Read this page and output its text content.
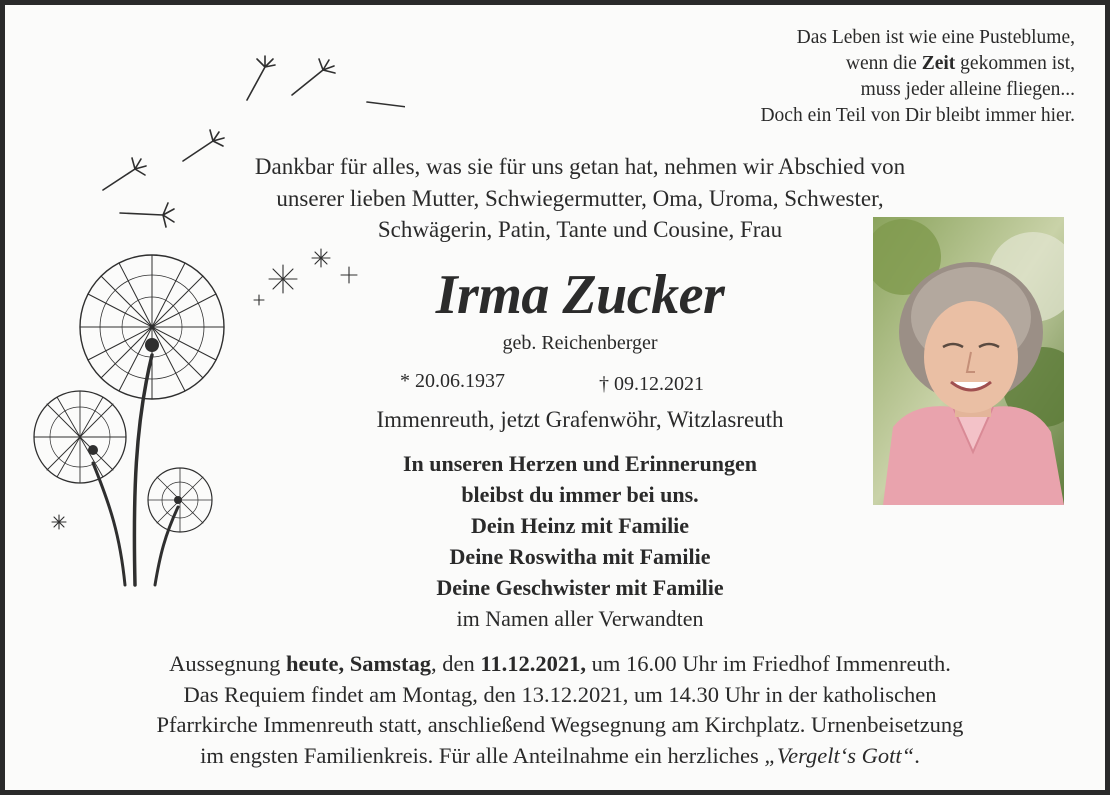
Das Leben ist wie eine Pusteblume,
wenn die Zeit gekommen ist,
muss jeder alleine fliegen...
Doch ein Teil von Dir bleibt immer hier.
Dankbar für alles, was sie für uns getan hat, nehmen wir Abschied von
unserer lieben Mutter, Schwiegermutter, Oma, Uroma, Schwester,
Schwägerin, Patin, Tante und Cousine, Frau
Irma Zucker
geb. Reichenberger
* 20.06.1937	† 09.12.2021
Immenreuth, jetzt Grafenwöhr, Witzlasreuth
In unseren Herzen und Erinnerungen
bleibst du immer bei uns.
Dein Heinz mit Familie
Deine Roswitha mit Familie
Deine Geschwister mit Familie
im Namen aller Verwandten
Aussegnung heute, Samstag, den 11.12.2021, um 16.00 Uhr im Friedhof Immenreuth.
Das Requiem findet am Montag, den 13.12.2021, um 14.30 Uhr in der katholischen
Pfarrkirche Immenreuth statt, anschließend Wegsegnung am Kirchplatz. Urnenbeisetzung
im engsten Familienkreis. Für alle Anteilnahme ein herzliches „Vergelt‘s Gott“.
